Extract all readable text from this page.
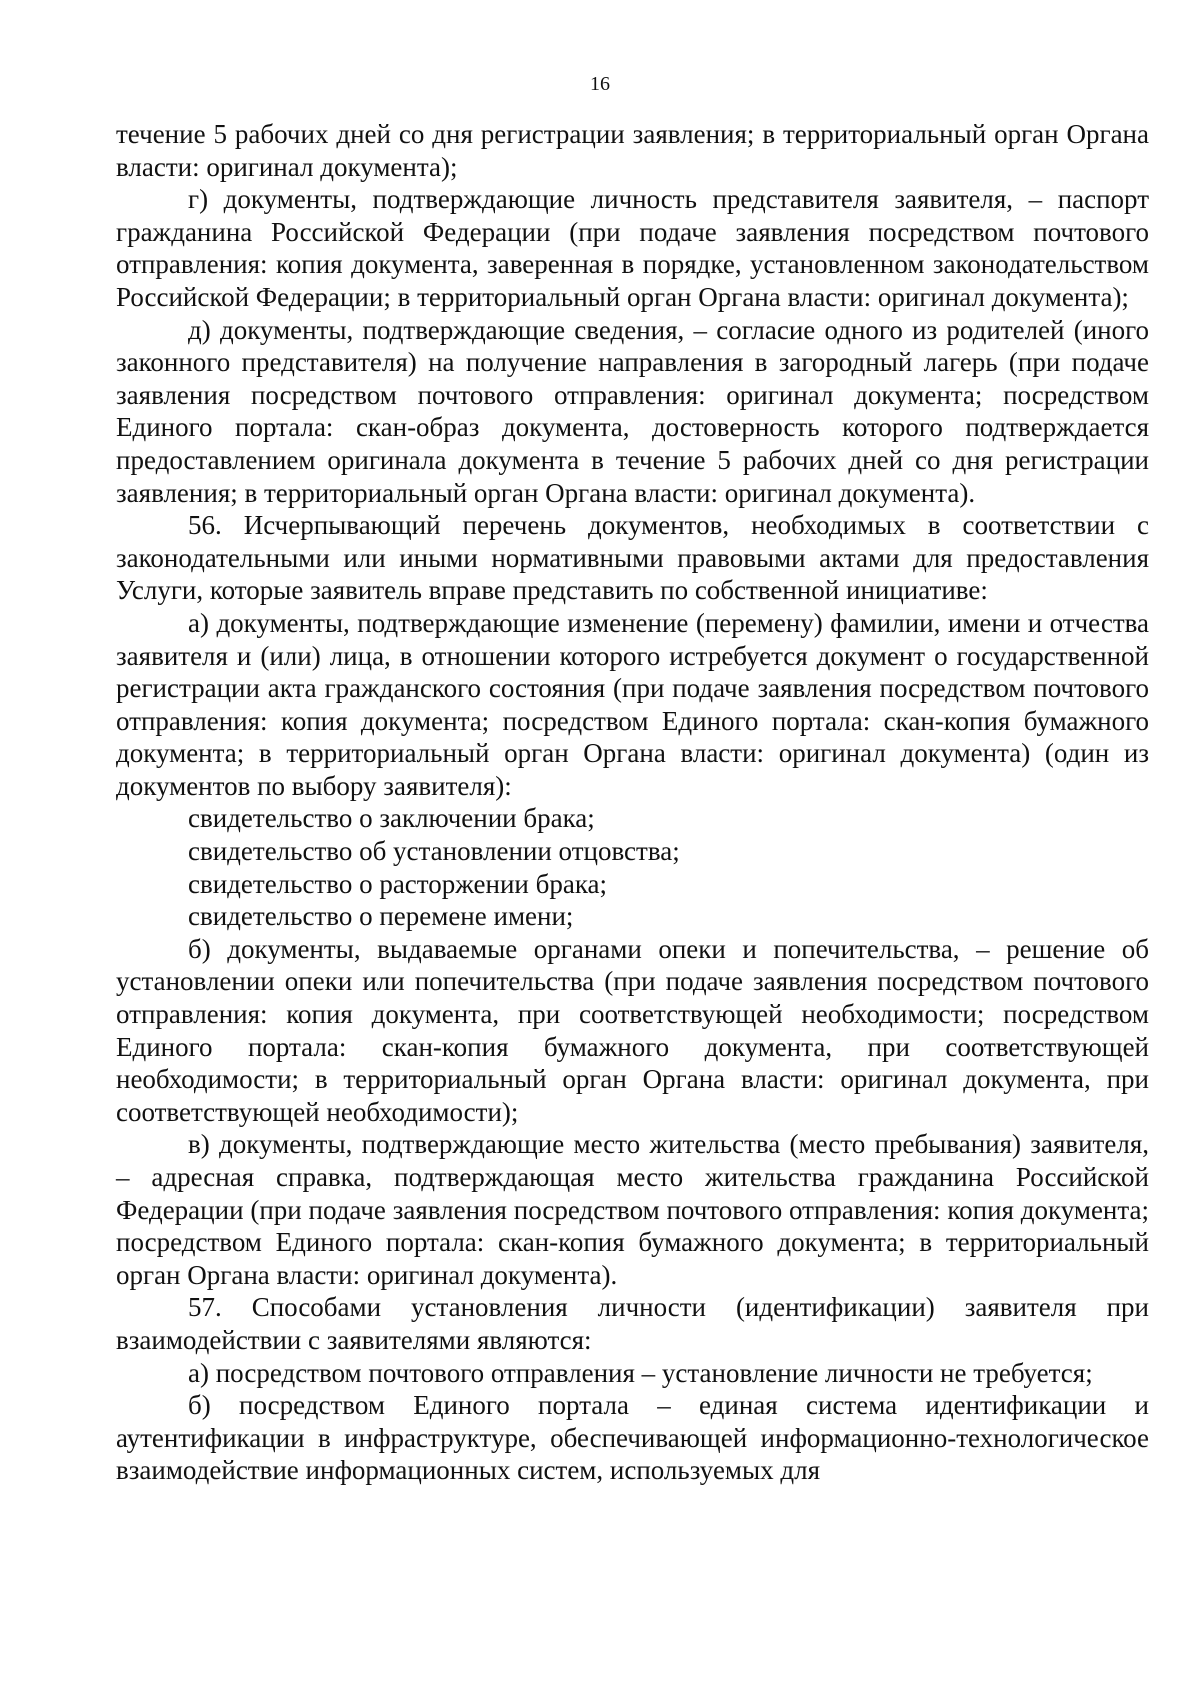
16

течение 5 рабочих дней со дня регистрации заявления; в территориальный орган Органа власти: оригинал документа);

г) документы, подтверждающие личность представителя заявителя, – паспорт гражданина Российской Федерации (при подаче заявления посредством почтового отправления: копия документа, заверенная в порядке, установленном законодательством Российской Федерации; в территориальный орган Органа власти: оригинал документа);

д) документы, подтверждающие сведения, – согласие одного из родителей (иного законного представителя) на получение направления в загородный лагерь (при подаче заявления посредством почтового отправления: оригинал документа; посредством Единого портала: скан-образ документа, достоверность которого подтверждается предоставлением оригинала документа в течение 5 рабочих дней со дня регистрации заявления; в территориальный орган Органа власти: оригинал документа).

56. Исчерпывающий перечень документов, необходимых в соответствии с законодательными или иными нормативными правовыми актами для предоставления Услуги, которые заявитель вправе представить по собственной инициативе:

а) документы, подтверждающие изменение (перемену) фамилии, имени и отчества заявителя и (или) лица, в отношении которого истребуется документ о государственной регистрации акта гражданского состояния (при подаче заявления посредством почтового отправления: копия документа; посредством Единого портала: скан-копия бумажного документа; в территориальный орган Органа власти: оригинал документа) (один из документов по выбору заявителя):

свидетельство о заключении брака;

свидетельство об установлении отцовства;

свидетельство о расторжении брака;

свидетельство о перемене имени;

б) документы, выдаваемые органами опеки и попечительства, – решение об установлении опеки или попечительства (при подаче заявления посредством почтового отправления: копия документа, при соответствующей необходимости; посредством Единого портала: скан-копия бумажного документа, при соответствующей необходимости; в территориальный орган Органа власти: оригинал документа, при соответствующей необходимости);

в) документы, подтверждающие место жительства (место пребывания) заявителя, – адресная справка, подтверждающая место жительства гражданина Российской Федерации (при подаче заявления посредством почтового отправления: копия документа; посредством Единого портала: скан-копия бумажного документа; в территориальный орган Органа власти: оригинал документа).

57. Способами установления личности (идентификации) заявителя при взаимодействии с заявителями являются:

а) посредством почтового отправления – установление личности не требуется;

б) посредством Единого портала – единая система идентификации и аутентификации в инфраструктуре, обеспечивающей информационно-технологическое взаимодействие информационных систем, используемых для
